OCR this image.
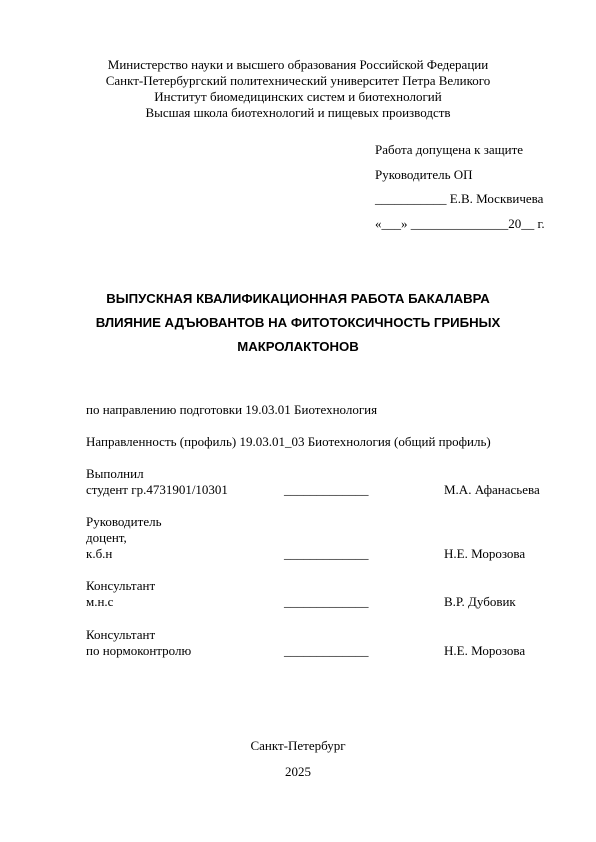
Министерство науки и высшего образования Российской Федерации
Санкт-Петербургский политехнический университет Петра Великого
Институт биомедицинских систем и биотехнологий
Высшая школа биотехнологий и пищевых производств
Работа допущена к защите
Руководитель ОП
___________ Е.В. Москвичева
«___» _______________20__ г.
ВЫПУСКНАЯ КВАЛИФИКАЦИОННАЯ РАБОТА БАКАЛАВРА
ВЛИЯНИЕ АДЪЮВАНТОВ НА ФИТОТОКСИЧНОСТЬ ГРИБНЫХ
МАКРОЛАКТОНОВ
по направлению подготовки 19.03.01 Биотехнология
Направленность (профиль) 19.03.01_03 Биотехнология (общий профиль)
Выполнил
студент гр.4731901/10301	_____________	М.А. Афанасьева
Руководитель
доцент,
к.б.н	_____________	Н.Е. Морозова
Консультант
м.н.с	_____________	В.Р. Дубовик
Консультант
по нормоконтролю	_____________	Н.Е. Морозова
Санкт-Петербург
2025
